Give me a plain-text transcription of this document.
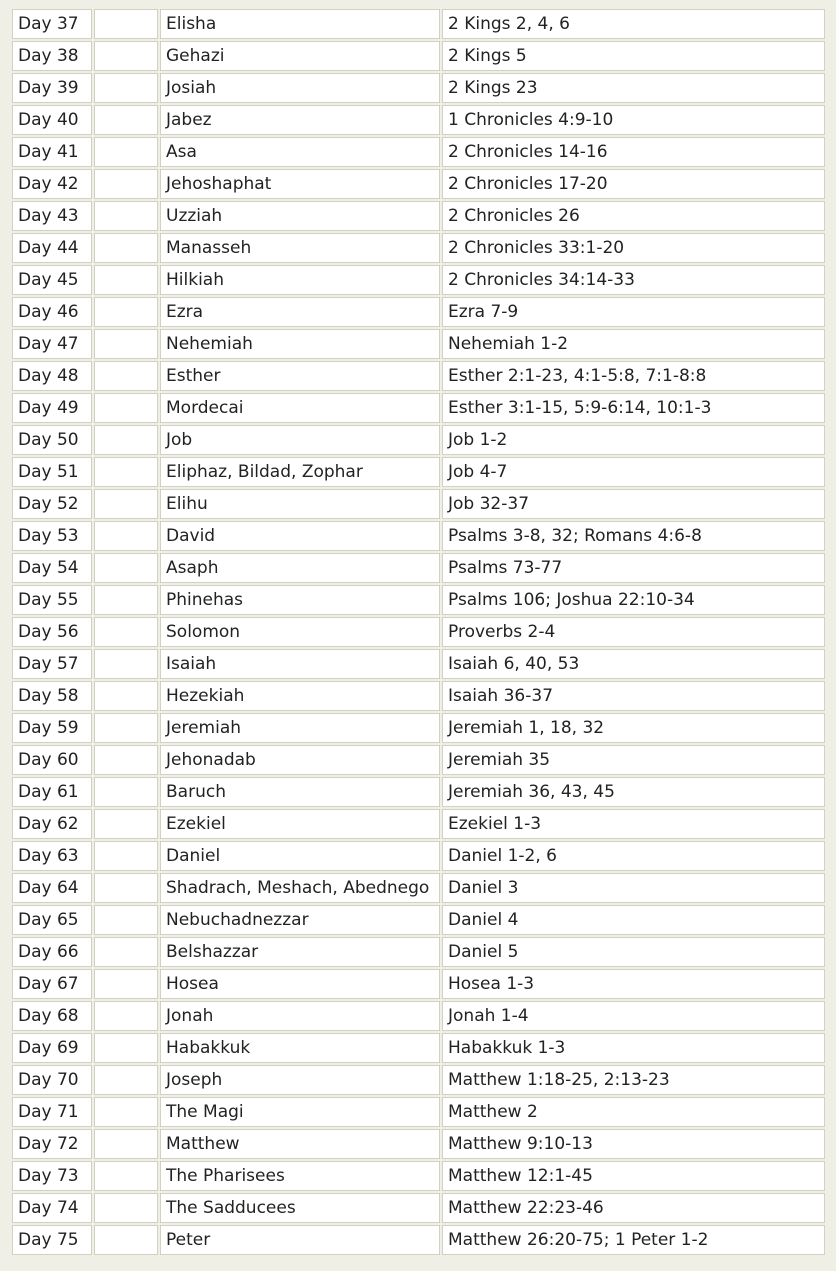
Day 37		Elisha	2 Kings 2, 4, 6
Day 38		Gehazi	2 Kings 5
Day 39		Josiah	2 Kings 23
Day 40		Jabez	1 Chronicles 4:9-10
Day 41		Asa	2 Chronicles 14-16
Day 42		Jehoshaphat	2 Chronicles 17-20
Day 43		Uzziah	2 Chronicles 26
Day 44		Manasseh	2 Chronicles 33:1-20
Day 45		Hilkiah	2 Chronicles 34:14-33
Day 46		Ezra	Ezra 7-9
Day 47		Nehemiah	Nehemiah 1-2
Day 48		Esther	Esther 2:1-23, 4:1-5:8, 7:1-8:8
Day 49		Mordecai	Esther 3:1-15, 5:9-6:14, 10:1-3
Day 50		Job	Job 1-2
Day 51		Eliphaz, Bildad, Zophar	Job 4-7
Day 52		Elihu	Job 32-37
Day 53		David	Psalms 3-8, 32; Romans 4:6-8
Day 54		Asaph	Psalms 73-77
Day 55		Phinehas	Psalms 106; Joshua 22:10-34
Day 56		Solomon	Proverbs 2-4
Day 57		Isaiah	Isaiah 6, 40, 53
Day 58		Hezekiah	Isaiah 36-37
Day 59		Jeremiah	Jeremiah 1, 18, 32
Day 60		Jehonadab	Jeremiah 35
Day 61		Baruch	Jeremiah 36, 43, 45
Day 62		Ezekiel	Ezekiel 1-3
Day 63		Daniel	Daniel 1-2, 6
Day 64		Shadrach, Meshach, Abednego	Daniel 3
Day 65		Nebuchadnezzar	Daniel 4
Day 66		Belshazzar	Daniel 5
Day 67		Hosea	Hosea 1-3
Day 68		Jonah	Jonah 1-4
Day 69		Habakkuk	Habakkuk 1-3
Day 70		Joseph	Matthew 1:18-25, 2:13-23
Day 71		The Magi	Matthew 2
Day 72		Matthew	Matthew 9:10-13
Day 73		The Pharisees	Matthew 12:1-45
Day 74		The Sadducees	Matthew 22:23-46
Day 75		Peter	Matthew 26:20-75; 1 Peter 1-2
